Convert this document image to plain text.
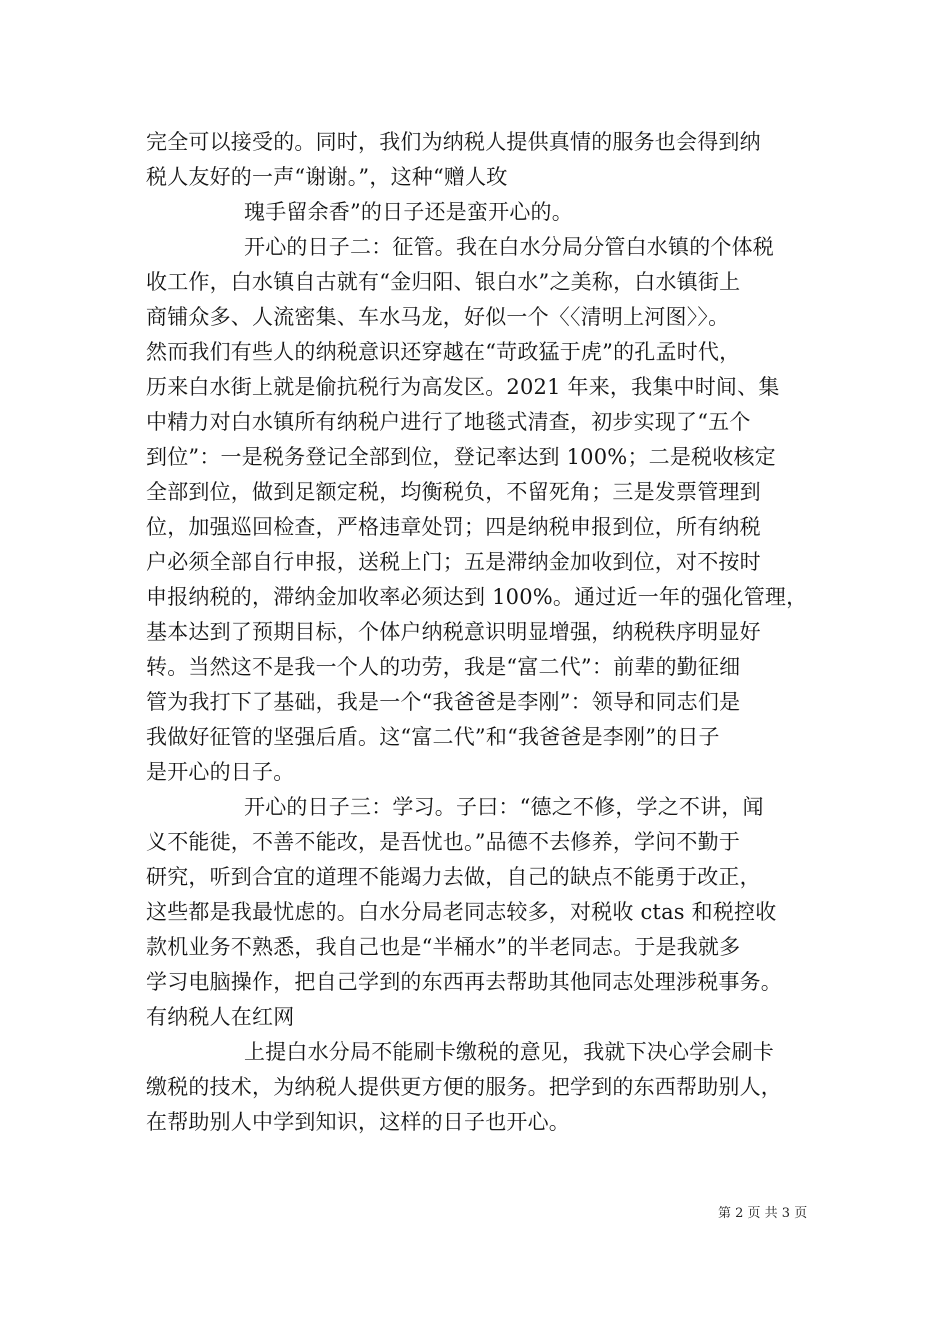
完全可以接受的。同时，我们为纳税人提供真情的服务也会得到纳
税人友好的一声“谢谢。”，这种“赠人玫
瑰手留余香”的日子还是蛮开心的。
开心的日子二：征管。我在白水分局分管白水镇的个体税
收工作，白水镇自古就有“金归阳、银白水”之美称，白水镇街上
商铺众多、人流密集、车水马龙，好似一个〈〈清明上河图〉〉。
然而我们有些人的纳税意识还穿越在“苛政猛于虎”的孔孟时代，
历来白水街上就是偷抗税行为高发区。2021 年来，我集中时间、集
中精力对白水镇所有纳税户进行了地毯式清查，初步实现了“五个
到位”：一是税务登记全部到位，登记率达到 100%；二是税收核定
全部到位，做到足额定税，均衡税负，不留死角；三是发票管理到
位，加强巡回检查，严格违章处罚；四是纳税申报到位，所有纳税
户必须全部自行申报，送税上门；五是滞纳金加收到位，对不按时
申报纳税的，滞纳金加收率必须达到 100%。通过近一年的强化管理，
基本达到了预期目标，个体户纳税意识明显增强，纳税秩序明显好
转。当然这不是我一个人的功劳，我是“富二代”：前辈的勤征细
管为我打下了基础，我是一个“我爸爸是李刚”：领导和同志们是
我做好征管的坚强后盾。这“富二代”和“我爸爸是李刚”的日子
是开心的日子。
开心的日子三：学习。子曰：“德之不修，学之不讲，闻
义不能徙，不善不能改，是吾忧也。”品德不去修养，学问不勤于
研究，听到合宜的道理不能竭力去做，自己的缺点不能勇于改正，
这些都是我最忧虑的。白水分局老同志较多，对税收 ctas 和税控收
款机业务不熟悉，我自己也是“半桶水”的半老同志。于是我就多
学习电脑操作，把自己学到的东西再去帮助其他同志处理涉税事务。
有纳税人在红网
上提白水分局不能刷卡缴税的意见，我就下决心学会刷卡
缴税的技术，为纳税人提供更方便的服务。把学到的东西帮助别人，
在帮助别人中学到知识，这样的日子也开心。
第 2 页 共 3 页
